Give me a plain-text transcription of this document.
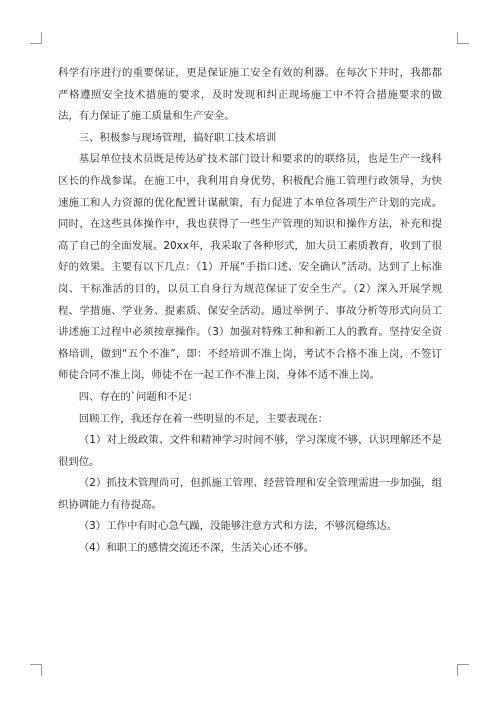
科学有序进行的重要保证，更是保证施工安全有效的利器。在每次下井时，我都都严格遵照安全技术措施的要求，及时发现和纠正现场施工中不符合措施要求的做法，有力保证了施工质量和生产安全。

三、积极参与现场管理，搞好职工技术培训

基层单位技术员既是传达矿技术部门设计和要求的的联络员，也是生产一线科区长的作战参谋。在施工中，我利用自身优势，积极配合施工管理行政领导，为快速施工和人力资源的优化配置计谋献策，有力促进了本单位各项生产计划的完成。同时，在这些具体操作中，我也获得了一些生产管理的知识和操作方法，补充和提高了自己的全面发展。20xx年，我采取了各种形式，加大员工素质教育，收到了很好的效果。主要有以下几点：（1）开展“手指口述、安全确认”活动。达到了上标准岗、干标准活的目的，以员工自身行为规范保证了安全生产。（2）深入开展学规程、学措施、学业务、提素质、保安全活动。通过举例子、事故分析等形式向员工讲述施工过程中必须按章操作。（3）加强对特殊工种和新工人的教育。坚持安全资格培训，做到“五个不准”，即：不经培训不准上岗，考试不合格不准上岗，不签订师徒合同不准上岗，师徒不在一起工作不准上岗，身体不适不准上岗。

四、存在的`问题和不足：

回顾工作，我还存在着一些明显的不足，主要表现在：

（1）对上级政策、文件和精神学习时间不够，学习深度不够，认识理解还不是很到位。

（2）抓技术管理尚可，但抓施工管理、经营管理和安全管理需进一步加强，组织协调能力有待提高。

（3）工作中有时心急气躁，没能够注意方式和方法，不够沉稳练达。

（4）和职工的感情交流还不深，生活关心还不够。
